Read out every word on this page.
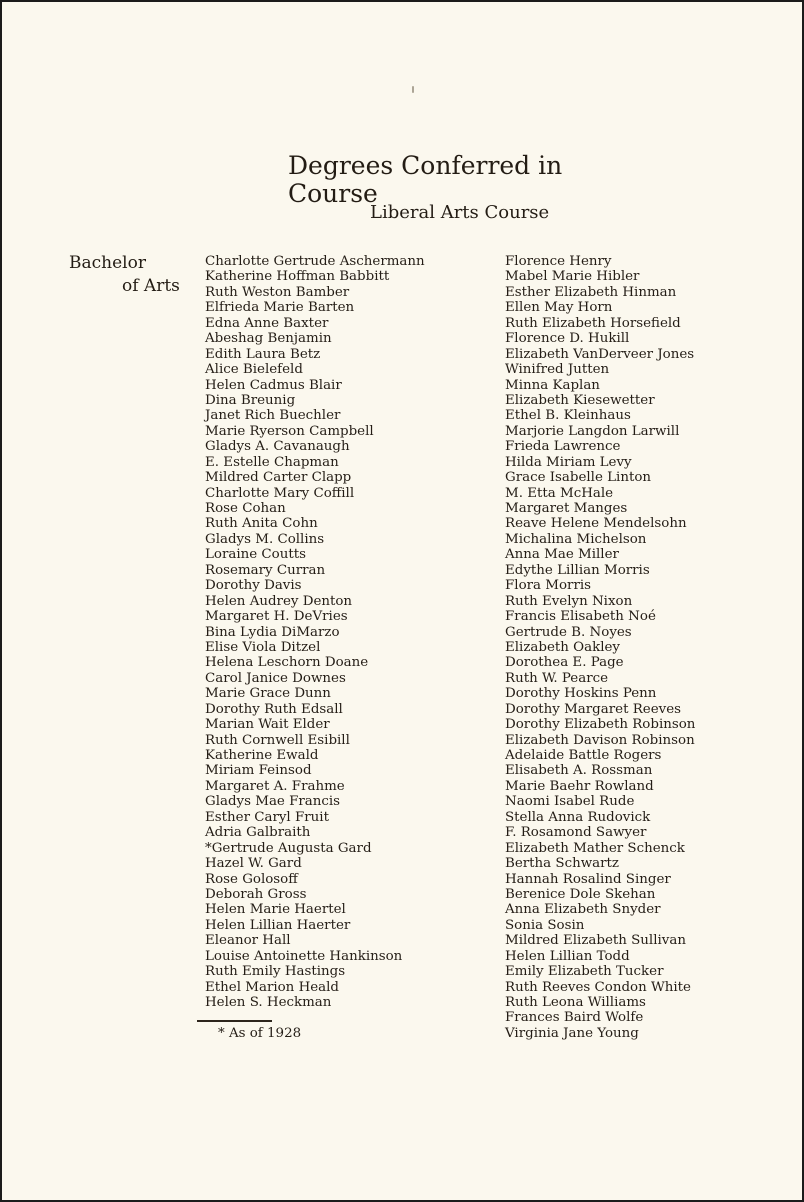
Degrees Conferred in Course
Liberal Arts Course
Bachelor
of Arts
Charlotte Gertrude Aschermann
Katherine Hoffman Babbitt
Ruth Weston Bamber
Elfrieda Marie Barten
Edna Anne Baxter
Abeshag Benjamin
Edith Laura Betz
Alice Bielefeld
Helen Cadmus Blair
Dina Breunig
Janet Rich Buechler
Marie Ryerson Campbell
Gladys A. Cavanaugh
E. Estelle Chapman
Mildred Carter Clapp
Charlotte Mary Coffill
Rose Cohan
Ruth Anita Cohn
Gladys M. Collins
Loraine Coutts
Rosemary Curran
Dorothy Davis
Helen Audrey Denton
Margaret H. DeVries
Bina Lydia DiMarzo
Elise Viola Ditzel
Helena Leschorn Doane
Carol Janice Downes
Marie Grace Dunn
Dorothy Ruth Edsall
Marian Wait Elder
Ruth Cornwell Esibill
Katherine Ewald
Miriam Feinsod
Margaret A. Frahme
Gladys Mae Francis
Esther Caryl Fruit
Adria Galbraith
*Gertrude Augusta Gard
Hazel W. Gard
Rose Golosoff
Deborah Gross
Helen Marie Haertel
Helen Lillian Haerter
Eleanor Hall
Louise Antoinette Hankinson
Ruth Emily Hastings
Ethel Marion Heald
Helen S. Heckman
Florence Henry
Mabel Marie Hibler
Esther Elizabeth Hinman
Ellen May Horn
Ruth Elizabeth Horsefield
Florence D. Hukill
Elizabeth VanDerveer Jones
Winifred Jutten
Minna Kaplan
Elizabeth Kiesewetter
Ethel B. Kleinhaus
Marjorie Langdon Larwill
Frieda Lawrence
Hilda Miriam Levy
Grace Isabelle Linton
M. Etta McHale
Margaret Manges
Reave Helene Mendelsohn
Michalina Michelson
Anna Mae Miller
Edythe Lillian Morris
Flora Morris
Ruth Evelyn Nixon
Francis Elisabeth Noé
Gertrude B. Noyes
Elizabeth Oakley
Dorothea E. Page
Ruth W. Pearce
Dorothy Hoskins Penn
Dorothy Margaret Reeves
Dorothy Elizabeth Robinson
Elizabeth Davison Robinson
Adelaide Battle Rogers
Elisabeth A. Rossman
Marie Baehr Rowland
Naomi Isabel Rude
Stella Anna Rudovick
F. Rosamond Sawyer
Elizabeth Mather Schenck
Bertha Schwartz
Hannah Rosalind Singer
Berenice Dole Skehan
Anna Elizabeth Snyder
Sonia Sosin
Mildred Elizabeth Sullivan
Helen Lillian Todd
Emily Elizabeth Tucker
Ruth Reeves Condon White
Ruth Leona Williams
Frances Baird Wolfe
Virginia Jane Young
* As of 1928
